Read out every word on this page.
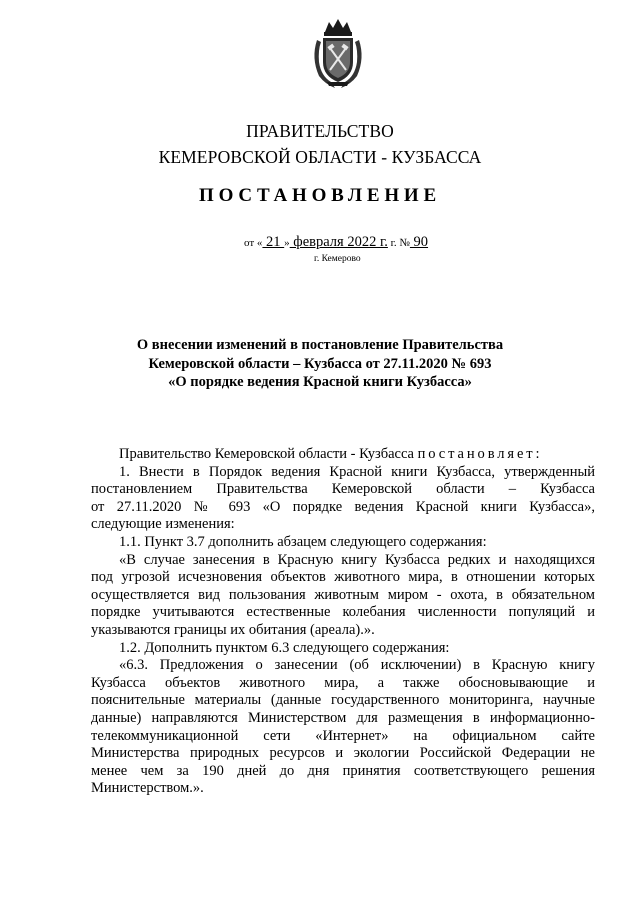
ПРАВИТЕЛЬСТВО
КЕМЕРОВСКОЙ ОБЛАСТИ - КУЗБАССА
ПОСТАНОВЛЕНИЕ
от « 21 » февраля 2022 г. г. № 90
г. Кемерово
О внесении изменений в постановление Правительства
Кемеровской области – Кузбасса от 27.11.2020 № 693
«О порядке ведения Красной книги Кузбасса»

Правительство Кемеровской области - Кузбасса постановляет:

1. Внести в Порядок ведения Красной книги Кузбасса, утвержденный

постановлением Правительства Кемеровской области – Кузбасса

от 27.11.2020 № 693 «О порядке ведения Красной книги Кузбасса»,

следующие изменения:

1.1. Пункт 3.7 дополнить абзацем следующего содержания:

«В случае занесения в Красную книгу Кузбасса редких и находящихся

под угрозой исчезновения объектов животного мира, в отношении которых

осуществляется вид пользования животным миром - охота, в обязательном

порядке учитываются естественные колебания численности популяций и

указываются границы их обитания (ареала).».

1.2. Дополнить пунктом 6.3 следующего содержания:

«6.3. Предложения о занесении (об исключении) в Красную книгу

Кузбасса объектов животного мира, а также обосновывающие и

пояснительные материалы (данные государственного мониторинга, научные

данные) направляются Министерством для размещения в информационно-

телекоммуникационной сети «Интернет» на официальном сайте

Министерства природных ресурсов и экологии Российской Федерации не

менее чем за 190 дней до дня принятия соответствующего решения

Министерством.».
